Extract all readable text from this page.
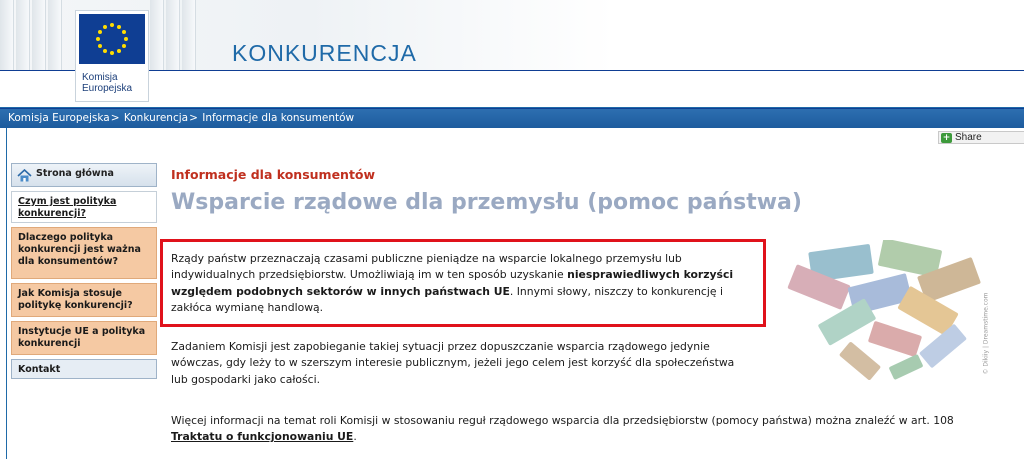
Komisja
Europejska
KONKURENCJA
Komisja Europejska> Konkurencja> Informacje dla konsumentów
+ Share
Strona główna
Czym jest polityka konkurencji?
Dlaczego polityka konkurencji jest ważna dla konsumentów?
Jak Komisja stosuje politykę konkurencji?
Instytucje UE a polityka konkurencji
Kontakt
Informacje dla konsumentów
Wsparcie rządowe dla przemysłu (pomoc państwa)
Rządy państw przeznaczają czasami publiczne pieniądze na wsparcie lokalnego przemysłu lub indywidualnych przedsiębiorstw. Umożliwiają im w ten sposób uzyskanie niesprawiedliwych korzyści względem podobnych sektorów w innych państwach UE. Innymi słowy, niszczy to konkurencję i zakłóca wymianę handlową.
Zadaniem Komisji jest zapobieganie takiej sytuacji przez dopuszczanie wsparcia rządowego jedynie wówczas, gdy leży to w szerszym interesie publicznym, jeżeli jego celem jest korzyść dla społeczeństwa lub gospodarki jako całości.
Więcej informacji na temat roli Komisji w stosowaniu reguł rządowego wsparcia dla przedsiębiorstw (pomocy państwa) można znaleźć w art. 108 Traktatu o funkcjonowaniu UE.
© Dikiiy | Dreamstime.com
